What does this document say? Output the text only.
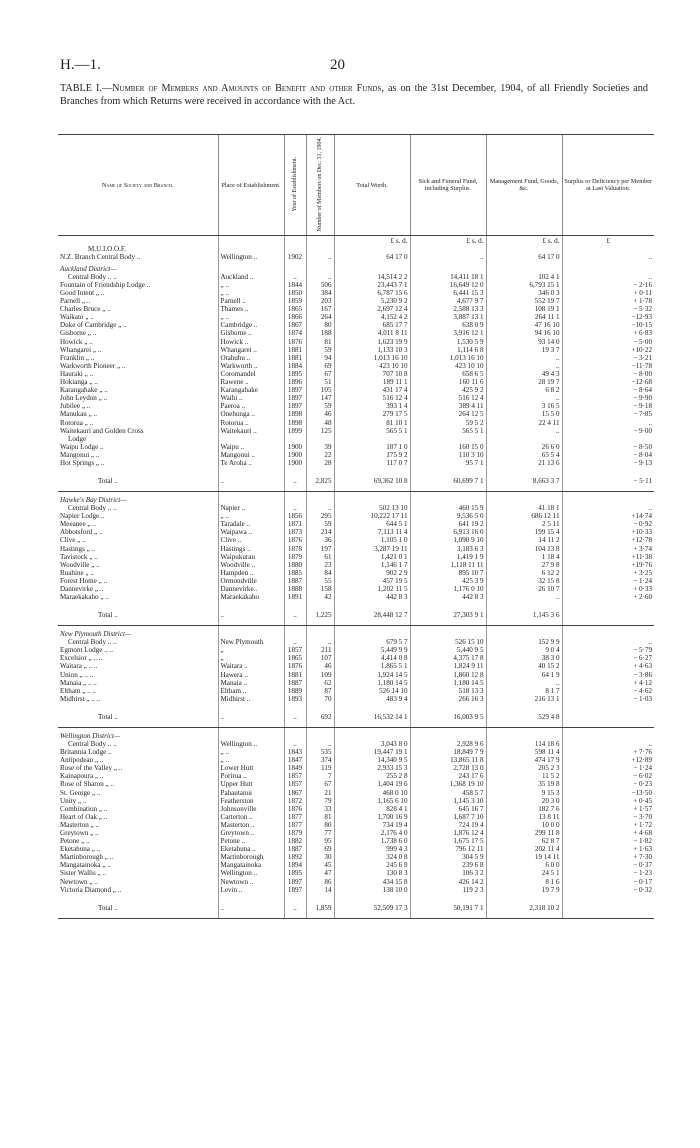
H.—1.	20
TABLE I.—Number of Members and Amounts of Benefit and other Funds, as on the 31st December, 1904, of all Friendly Societies and Branches from which Returns were received in accordance with the Act.
Name of Society and Branch.	Place of Establishment.	Year of Establishment.	Number of Members on Dec. 31, 1904.	Total Worth.	Sick and Funeral Fund, including Surplus.	Management Fund, Goods, &c.	Surplus or Deficiency per Member at Last Valuation.
				£ s. d.	£ s. d.	£ s. d.	£
M.U.I.O.O.F.							
N.Z. Branch Central Body ..	Wellington ..	1902	..	64 17 0	..	64 17 0	..
Auckland District—							
Central Body .. ..	Auckland ..	..	..	14,514 2 2	14,411 18 1	102 4 1	..
Fountain of Friendship Lodge ..	„ ..	1844	506	23,443 7 1	16,649 12 0	6,793 15 1	− 2·16
Good Intent „ ..	„ ..	1850	384	6,787 15 6	6,441 15 3	346 0 3	+ 0·11
Parnell „ ..	Parnell ..	1859	203	5,230 9 2	4,677 9 7	552 19 7	+ 1·78
Charles Bruce „ ..	Thames ..	1865	167	2,697 12 4	2,588 13 3	108 19 1	− 5·32
Waikato „ ..	„ ..	1866	264	4,152 4 2	3,887 13 1	264 11 1	−12·93
Duke of Cambridge „ ..	Cambridge ..	1867	80	685 17 7	638 0 9	47 16 10	−10·15
Gisborne „ ..	Gisborne ..	1874	188	4,011 8 11	3,916 12 1	94 16 10	+ 6·83
Howick „ ..	Howick ..	1876	81	1,623 19 9	1,530 5 9	93 14 0	− 5·00
Whangarei „ ..	Whangarei ..	1881	59	1,133 10 3	1,114 6 8	19 3 7	+10·22
Franklin „ ..	Otahuhu ..	1881	94	1,013 16 10	1,013 16 10	..	− 3·21
Warkworth Pioneer „ ..	Warkworth ..	1884	69	423 10 10	423 10 10	..	−11·78
Hauraki „ ..	Coromandel	1895	67	707 10 8	658 6 5	49 4 3	− 8·00
Hokianga „ ..	Rawene ..	1896	51	189 11 1	160 11 6	28 19 7	−12·68
Karangahake „ ..	Karangahake	1897	105	431 17 4	425 9 2	6 8 2	− 8·64
John Leydon „ ..	Waihi ..	1897	147	516 12 4	516 12 4	..	− 9·90
Jubilee „ ..	Paeroa ..	1897	59	393 1 4	389 4 11	3 16 5	− 9·18
Manukau „ ..	Onehunga ..	1898	46	279 17 5	264 12 5	15 5 0	− 7·85
Rotorua „ ..	Rotorua ..	1898	48	81 10 1	59 5 2	22 4 11	..
Waitekauri and Golden Cross	Waitekauri ..	1899	125	565 5 1	565 5 1	..	− 9·00
Lodge							
Waipu Lodge ..	Waipu ..	1900	39	187 1 0	160 15 0	26 6 0	− 8·50
Mangonui „ ..	Mangonui ..	1900	22	175 9 2	110 3 10	65 5 4	− 8·04
Hot Springs „ ..	Te Aroha ..	1900	28	117 0 7	95 7 1	21 13 6	− 9·13

Total ..	..	..	2,825	69,362 10 8	60,699 7 1	8,663 3 7	− 5·11

Hawke's Bay District—							
Central Body .. ..	Napier ..	..	..	502 13 10	460 15 9	41 18 1	..
Napier Lodge ..	„ ..	1856	295	10,222 17 11	9,536 5 0	686 12 11	+14·74
Meeanee „ ..	Taradale ..	1871	59	644 5 1	641 19 2	2 5 11	− 0·92
Abbotsford „ ..	Waipawa ..	1873	214	7,113 11 4	6,913 16 0	199 15 4	+10·33
Clive „ ..	Clive ..	1876	36	1,105 1 0	1,090 9 10	14 11 2	+12·78
Hastings „ ..	Hastings ..	1878	197	3,287 19 11	3,183 6 3	104 13 8	+ 3·74
Tavistock „ ..	Waipukurau	1879	61	1,421 0 1	1,419 1 9	1 18 4	+11·38
Woodville „ ..	Woodville ..	1880	23	1,146 1 7	1,118 11 11	27 9 8	+19·76
Ruahine „ ..	Hampden ..	1885	84	902 2 9	895 10 7	6 12 2	+ 3·25
Forest Home „ ..	Ormondville	1887	55	457 19 5	425 3 9	32 15 8	− 1·24
Dannevirke „ ..	Dannevirke..	1888	158	1,202 11 5	1,176 0 10	26 10 7	+ 0·33
Maraekakaho „ ..	Maraekakaho	1891	42	442 8 3	442 8 3	..	+ 2·60

Total ..	..	..	1,225	28,448 12 7	27,303 9 1	1,145 3 6	

New Plymouth District—							
Central Body .. ..	New Plymouth	..	..	679 5 7	526 15 10	152 9 9	..
Egmont Lodge .. ..	„	1857	211	5,449 9 9	5,440 9 5	9 0 4	− 5·79
Excelsior „ .. ..	„	1865	107	4,414 0 8	4,375 17 8	38 3 0	− 6·27
Waitara „ .. ..	Waitara ..	1876	46	1,865 5 1	1,824 9 11	40 15 2	+ 4·63
Union „ .. ..	Hawera ..	1881	109	1,924 14 5	1,860 12 8	64 1 9	− 3·86
Manaia „ .. ..	Manaia ..	1887	62	1,180 14 5	1,180 14 5	..	+ 4·12
Eltham „ .. ..	Eltham ..	1889	87	526 14 10	518 13 3	8 1 7	− 4·62
Midhirst „ .. ..	Midhirst ..	1893	70	483 9 4	266 16 3	216 13 1	− 1·03

Total ..	..	..	692	16,532 14 1	16,003 9 5	529 4 8	

Wellington District—							
Central Body .. ..	Wellington ..	..	..	3,043 8 0	2,928 9 6	114 18 6	..
Britannia Lodge ..	„ ..	1843	535	19,447 19 1	18,849 7 9	598 11 4	+ 7·76
Antipodean „ ..	„ ..	1847	374	14,340 9 5	13,865 11 8	474 17 9	+12·89
Rose of the Valley „ ..	Lower Hutt	1849	119	2,933 15 3	2,728 13 0	205 2 3	− 1·24
Kainapoura „ ..	Porirua ..	1857	7	255 2 8	243 17 6	11 5 2	− 6·02
Rose of Sharon „ ..	Upper Hutt	1857	67	1,404 19 6	1,368 19 10	35 19 8	− 0·23
St. George „ ..	Pahautanui	1867	21	468 0 10	458 5 7	9 15 3	−13·50
Unity „ ..	Featherston	1872	79	1,165 6 10	1,145 3 10	20 3 0	+ 0·45
Combination „ ..	Johnsonville	1876	33	828 4 1	645 16 7	182 7 6	+ 1·57
Heart of Oak „ ..	Carterton ..	1877	81	1,700 16 9	1,687 7 10	13 8 11	− 3·70
Masterton „ ..	Masterton ..	1877	80	734 19 4	724 19 4	10 0 0	+ 1·72
Greytown „ ..	Greytown ..	1879	77	2,176 4 0	1,876 12 4	299 11 8	+ 4·68
Petone „ ..	Petone ..	1882	95	1,738 6 0	1,675 17 5	62 8 7	− 1·82
Eketahuna „ ..	Eketahuna ..	1887	69	999 4 3	796 12 11	202 11 4	+ 1·63
Martinborough „ ..	Martinborough	1892	30	324 0 8	304 5 9	19 14 11	+ 7·30
Mangatainoka „ ..	Mangatainoka	1894	45	245 6 8	239 6 8	6 0 0	− 0·37
Sister Wallis „ ..	Wellington ..	1895	47	130 8 3	106 3 2	24 5 1	− 1·23
Newtown „ ..	Newtown ..	1897	86	434 15 8	426 14 2	8 1 6	− 0·17
Victoria Diamond „ ..	Levin ..	1897	14	138 10 0	119 2 3	19 7 9	− 0·32

Total ..	..	..	1,859	52,509 17 3	50,191 7 1	2,318 10 2	
